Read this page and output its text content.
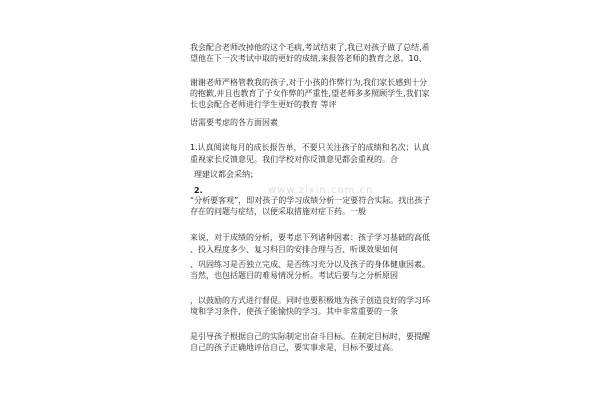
www.zixin.com.cn
我会配合老师改掉他的这个毛病,考试结束了,我已对孩子做了总结,希
望他在下一次考试中取的更好的成绩,来报答老师的教育之恩。10、
谢谢老师严格管教我的孩子,对于小孩的作弊行为,我们家长感到十分
的抱歉,并且也教育了子女作弊的严重性,望老师多多照顾学生,我们家
长也会配合老师进行学生更好的教育 等评
语需要考虑的各方面因素
1.认真阅读每月的成长报告单，不要只关注孩子的成绩和名次；认真
重视家长反馈意见。我们学校对你反馈意见都会重视的。合
理建议都会采纳；
2.
“分析要客观”，即对孩子的学习成绩分析一定要符合实际。找出孩子
存在的问题与症结，以便采取措施对症下药。一般
来说，对于成绩的分析，要考虑下列诸种因素：孩子学习基础的高低
、投入程度多少、复习科目的安排合理与否、听课效果如何
、巩固练习是否独立完成、是否练习充分以及孩子的身体健康因素。
当然，也包括题目的难易情况分析。考试后要与之分析原因
，以鼓励的方式进行督促。同时也要积极地为孩子创造良好的学习环
境和学习条件，使孩子能愉快的学习。其中非常重要的一条
是引导孩子根据自己的实际制定出奋斗目标。在制定目标时，要提醒
自己的孩子正确地评估自己，要实事求是，目标不要过高。
